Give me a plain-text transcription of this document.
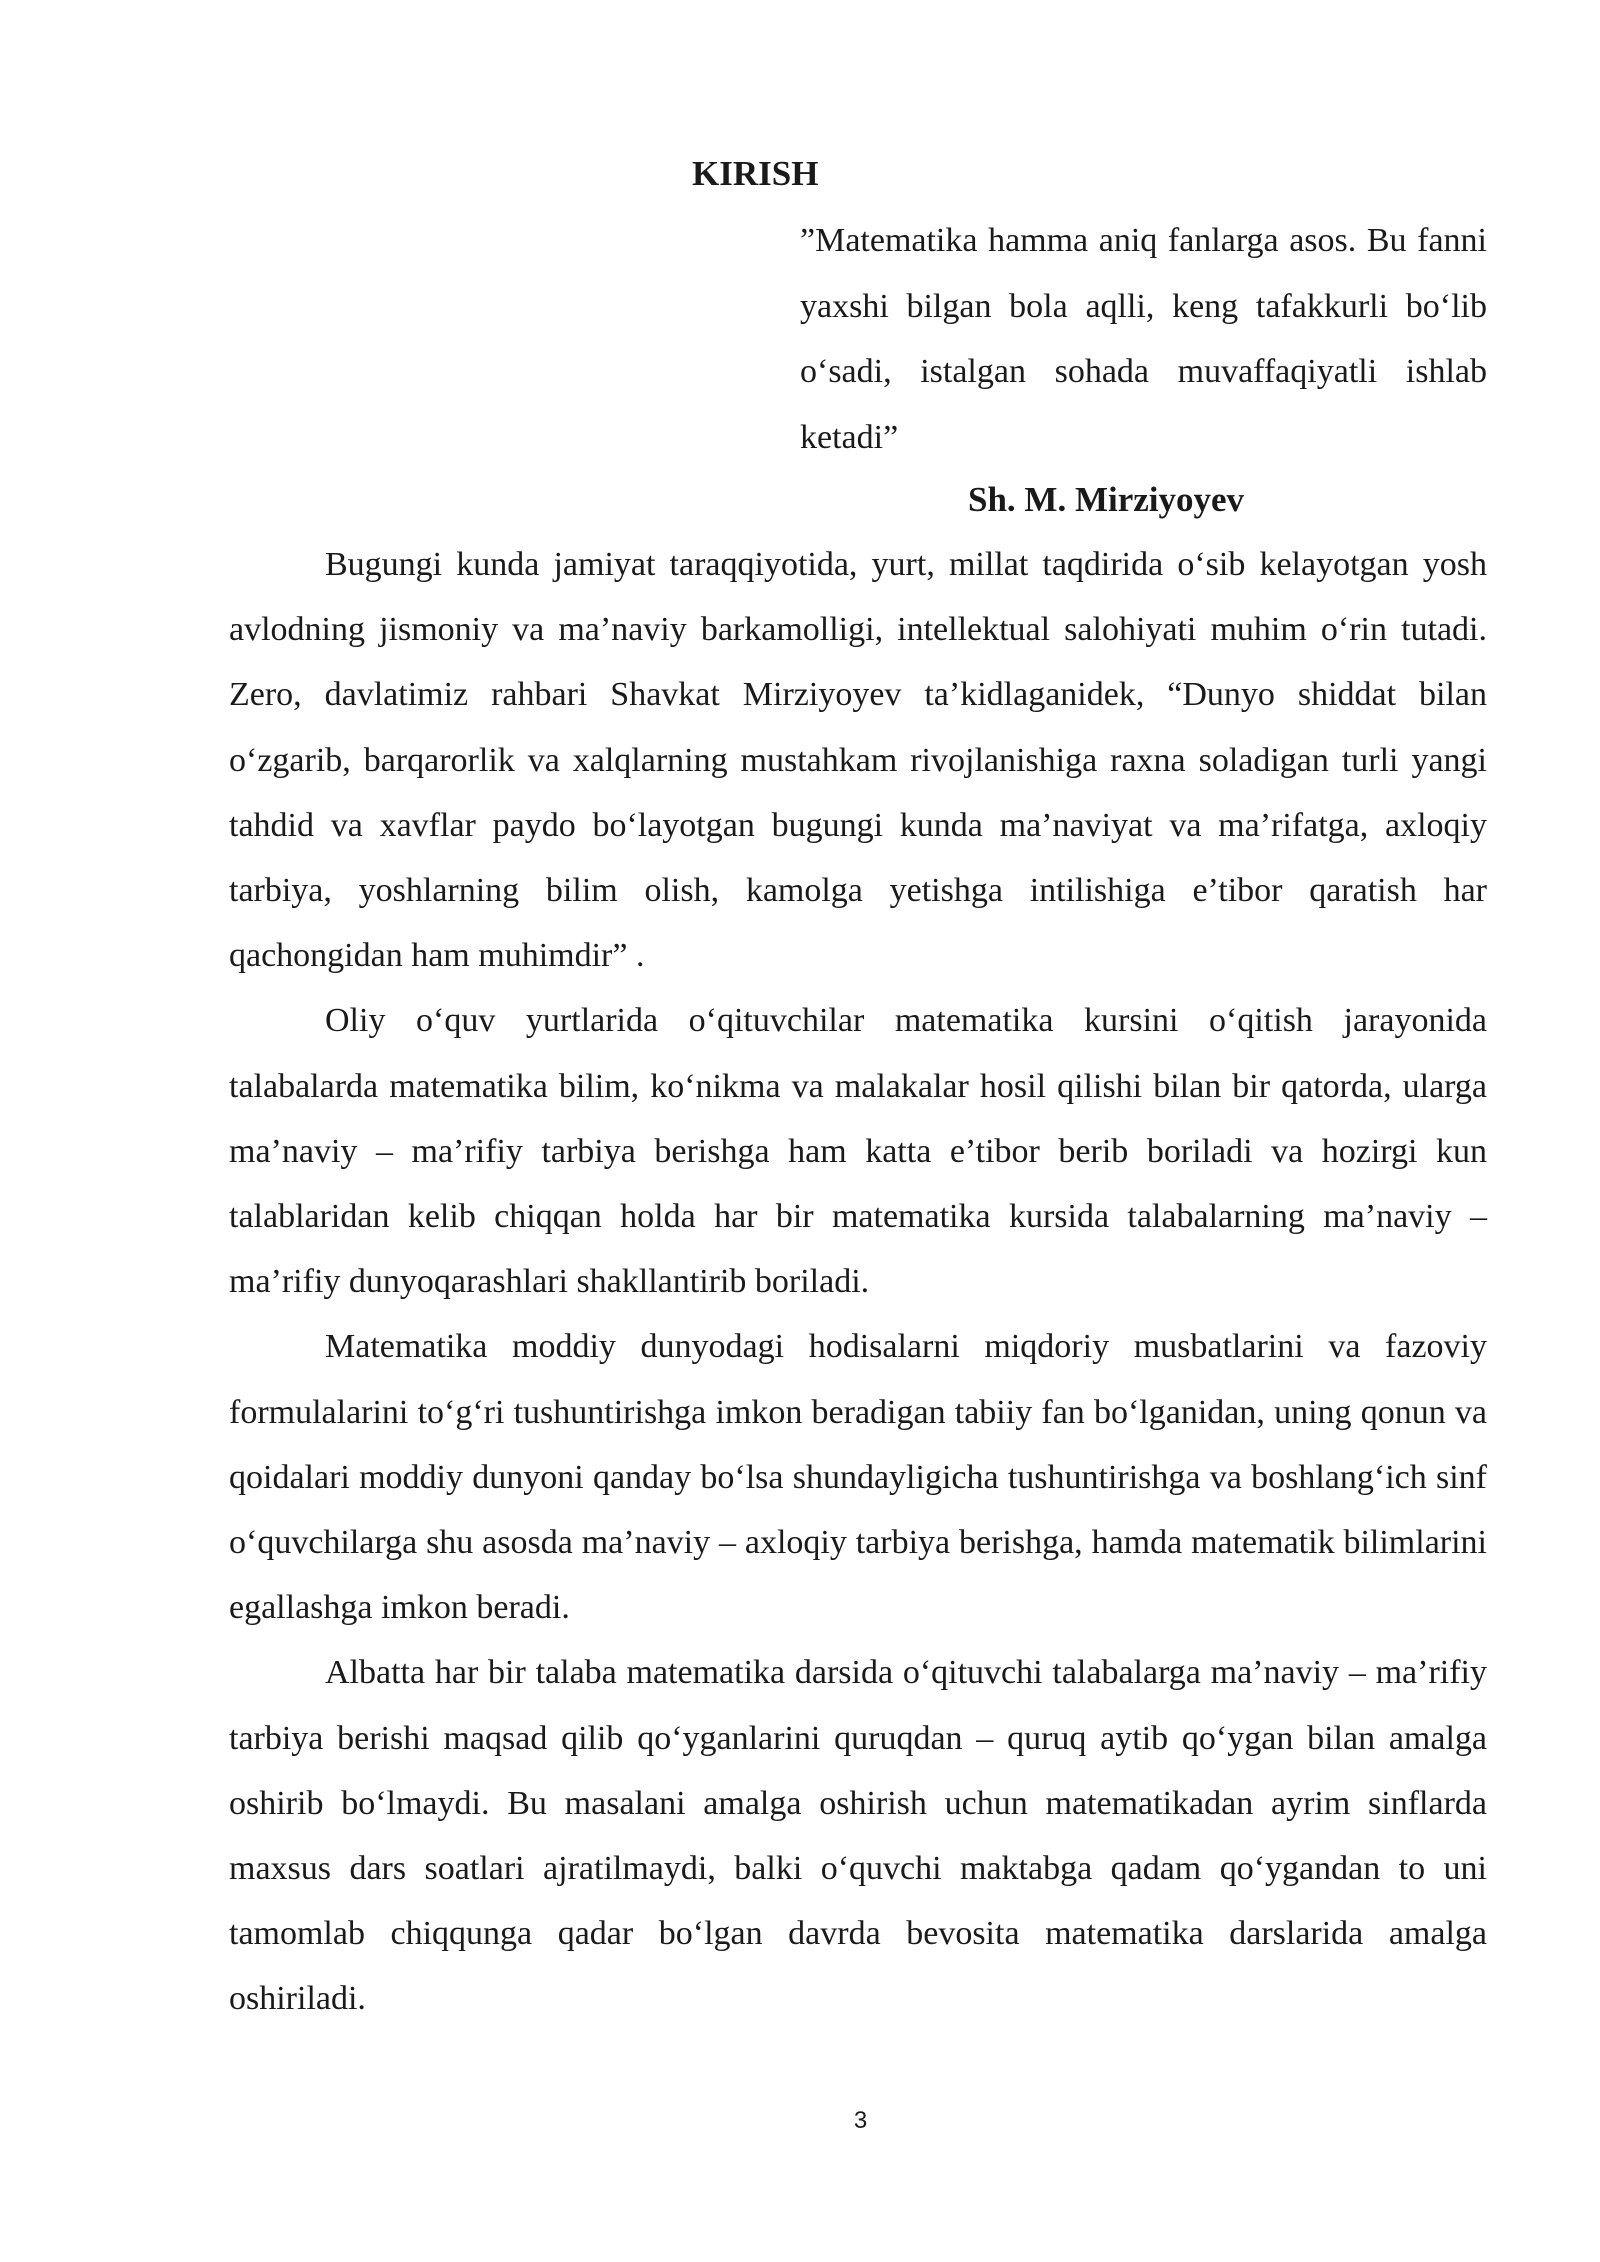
KIRISH

”Matematika hamma aniq fanlarga asos. Bu fanni yaxshi bilgan bola aqlli, keng tafakkurli bo‘lib o‘sadi, istalgan sohada muvaffaqiyatli ishlab ketadi”

Sh. M. Mirziyoyev

Bugungi kunda jamiyat taraqqiyotida, yurt, millat taqdirida o‘sib kelayotgan yosh avlodning jismoniy va ma’naviy barkamolligi, intellektual salohiyati muhim o‘rin tutadi. Zero, davlatimiz rahbari Shavkat Mirziyoyev ta’kidlaganidek, “Dunyo shiddat bilan o‘zgarib, barqarorlik va xalqlarning mustahkam rivojlanishiga raxna soladigan turli yangi tahdid va xavflar paydo bo‘layotgan bugungi kunda ma’naviyat va ma’rifatga, axloqiy tarbiya, yoshlarning bilim olish, kamolga yetishga intilishiga e’tibor qaratish har qachongidan ham muhimdir” .

Oliy o‘quv yurtlarida o‘qituvchilar matematika kursini o‘qitish jarayonida talabalarda matematika bilim, ko‘nikma va malakalar hosil qilishi bilan bir qatorda, ularga ma’naviy – ma’rifiy tarbiya berishga ham katta e’tibor berib boriladi va hozirgi kun talablaridan kelib chiqqan holda har bir matematika kursida talabalarning ma’naviy – ma’rifiy dunyoqarashlari shakllantirib boriladi.

Matematika moddiy dunyodagi hodisalarni miqdoriy musbatlarini va fazoviy formulalarini to‘g‘ri tushuntirishga imkon beradigan tabiiy fan bo‘lganidan, uning qonun va qoidalari moddiy dunyoni qanday bo‘lsa shundayligicha tushuntirishga va boshlang‘ich sinf o‘quvchilarga shu asosda ma’naviy – axloqiy tarbiya berishga, hamda matematik bilimlarini egallashga imkon beradi.

Albatta har bir talaba matematika darsida o‘qituvchi talabalarga ma’naviy – ma’rifiy tarbiya berishi maqsad qilib qo‘yganlarini quruqdan – quruq aytib qo‘ygan bilan amalga oshirib bo‘lmaydi. Bu masalani amalga oshirish uchun matematikadan ayrim sinflarda maxsus dars soatlari ajratilmaydi, balki o‘quvchi maktabga qadam qo‘ygandan to uni tamomlab chiqqunga qadar bo‘lgan davrda bevosita matematika darslarida amalga oshiriladi.

3
